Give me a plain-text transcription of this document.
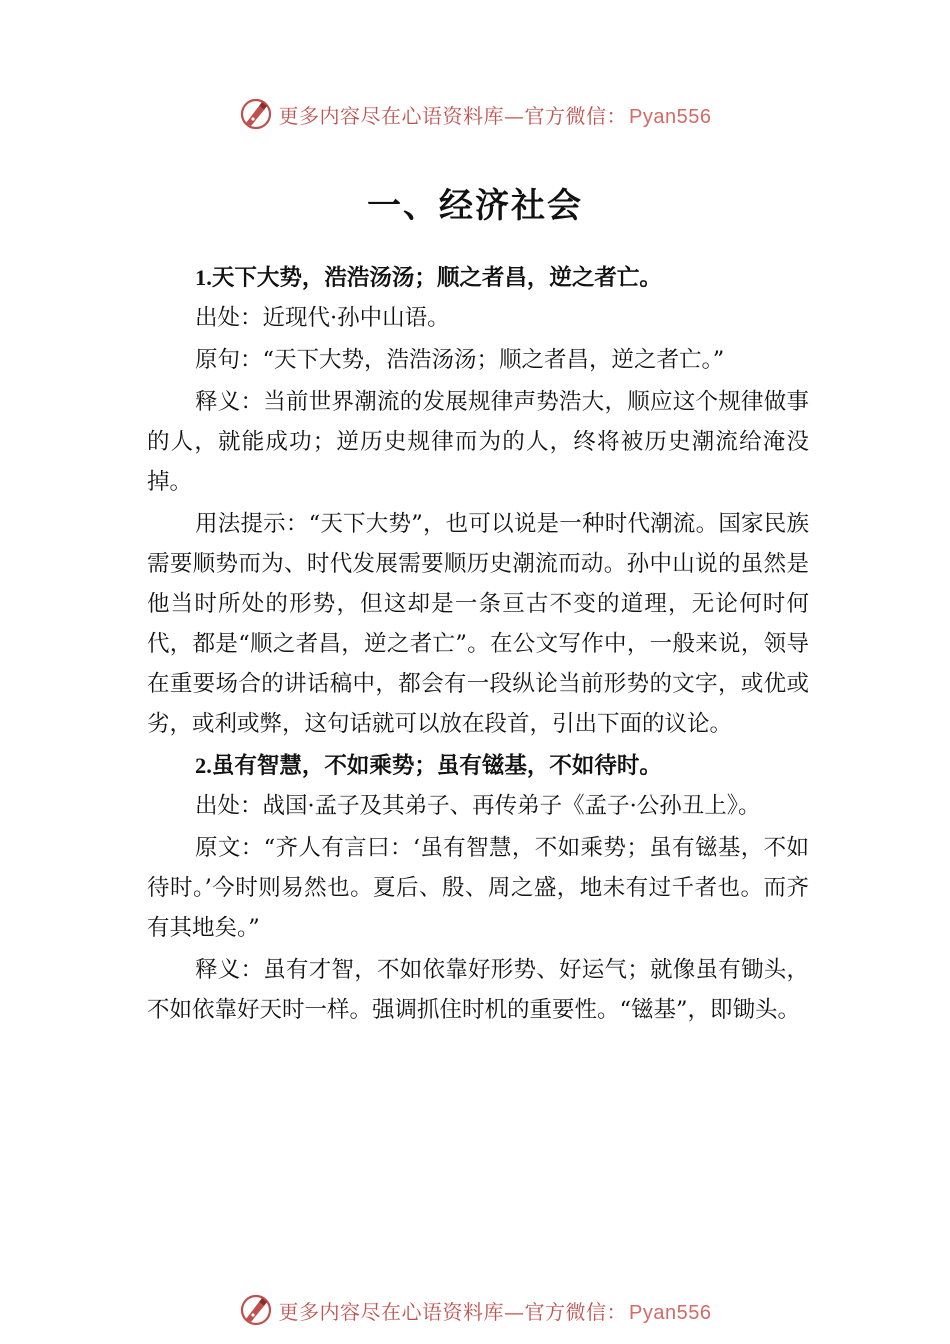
更多内容尽在心语资料库—官方微信： Pyan556
一、经济社会
1.天下大势，浩浩汤汤；顺之者昌，逆之者亡。

出处：近现代·孙中山语。

原句：“天下大势，浩浩汤汤；顺之者昌，逆之者亡。”

释义：当前世界潮流的发展规律声势浩大，顺应这个规律做事的人，就能成功；逆历史规律而为的人，终将被历史潮流给淹没掉。

用法提示：“天下大势”，也可以说是一种时代潮流。国家民族需要顺势而为、时代发展需要顺历史潮流而动。孙中山说的虽然是他当时所处的形势，但这却是一条亘古不变的道理，无论何时何代，都是“顺之者昌，逆之者亡”。在公文写作中，一般来说，领导在重要场合的讲话稿中，都会有一段纵论当前形势的文字，或优或劣，或利或弊，这句话就可以放在段首，引出下面的议论。

2.虽有智慧，不如乘势；虽有镃基，不如待时。

出处：战国·孟子及其弟子、再传弟子《孟子·公孙丑上》。

原文：“齐人有言曰：‘虽有智慧，不如乘势；虽有镃基，不如待时。’今时则易然也。夏后、殷、周之盛，地未有过千者也。而齐有其地矣。”

释义：虽有才智，不如依靠好形势、好运气；就像虽有锄头，不如依靠好天时一样。强调抓住时机的重要性。“镃基”，即锄头。

更多内容尽在心语资料库—官方微信： Pyan556
